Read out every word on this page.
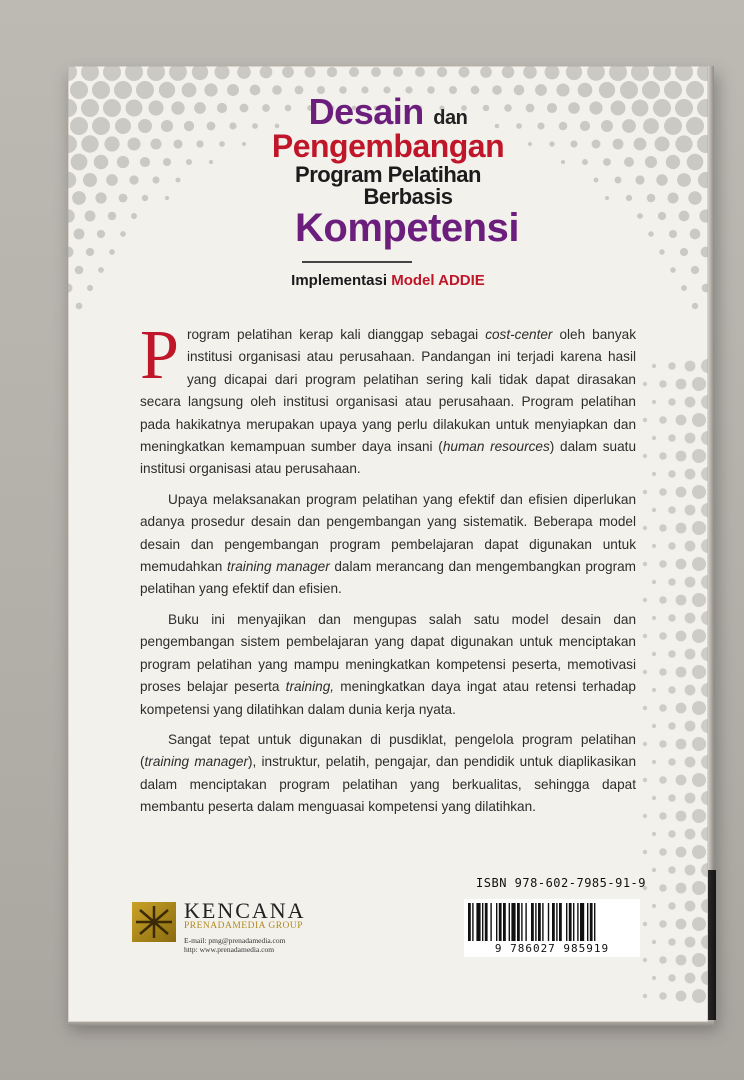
Desain dan
Pengembangan
Program Pelatihan
Berbasis
Kompetensi
Implementasi Model ADDIE

Program pelatihan kerap kali dianggap sebagai cost-center oleh banyak institusi organisasi atau perusahaan. Pandangan ini terjadi karena hasil yang dicapai dari program pelatihan sering kali tidak dapat dirasakan secara langsung oleh institusi organisasi atau perusahaan. Program pelatihan pada hakikatnya merupakan upaya yang perlu dilakukan untuk menyiapkan dan meningkatkan kemampuan sumber daya insani (human resources) dalam suatu institusi organisasi atau perusahaan.

Upaya melaksanakan program pelatihan yang efektif dan efisien diperlukan adanya prosedur desain dan pengembangan yang sistematik. Beberapa model desain dan pengembangan program pembelajaran dapat digunakan untuk memudahkan training manager dalam merancang dan mengembangkan program pelatihan yang efektif dan efisien.

Buku ini menyajikan dan mengupas salah satu model desain dan pengembangan sistem pembelajaran yang dapat digunakan untuk menciptakan program pelatihan yang mampu meningkatkan kompetensi peserta, memotivasi proses belajar peserta training, meningkatkan daya ingat atau retensi terhadap kompetensi yang dilatihkan dalam dunia kerja nyata.

Sangat tepat untuk digunakan di pusdiklat, pengelola program pelatihan (training manager), instruktur, pelatih, pengajar, dan pendidik untuk diaplikasikan dalam menciptakan program pelatihan yang berkualitas, sehingga dapat membantu peserta dalam menguasai kompetensi yang dilatihkan.

KENCANA
PRENADAMEDIA GROUP
E-mail: pmg@prenadamedia.com
http: www.prenadamedia.com
ISBN 978-602-7985-91-9
9 786027 985919
